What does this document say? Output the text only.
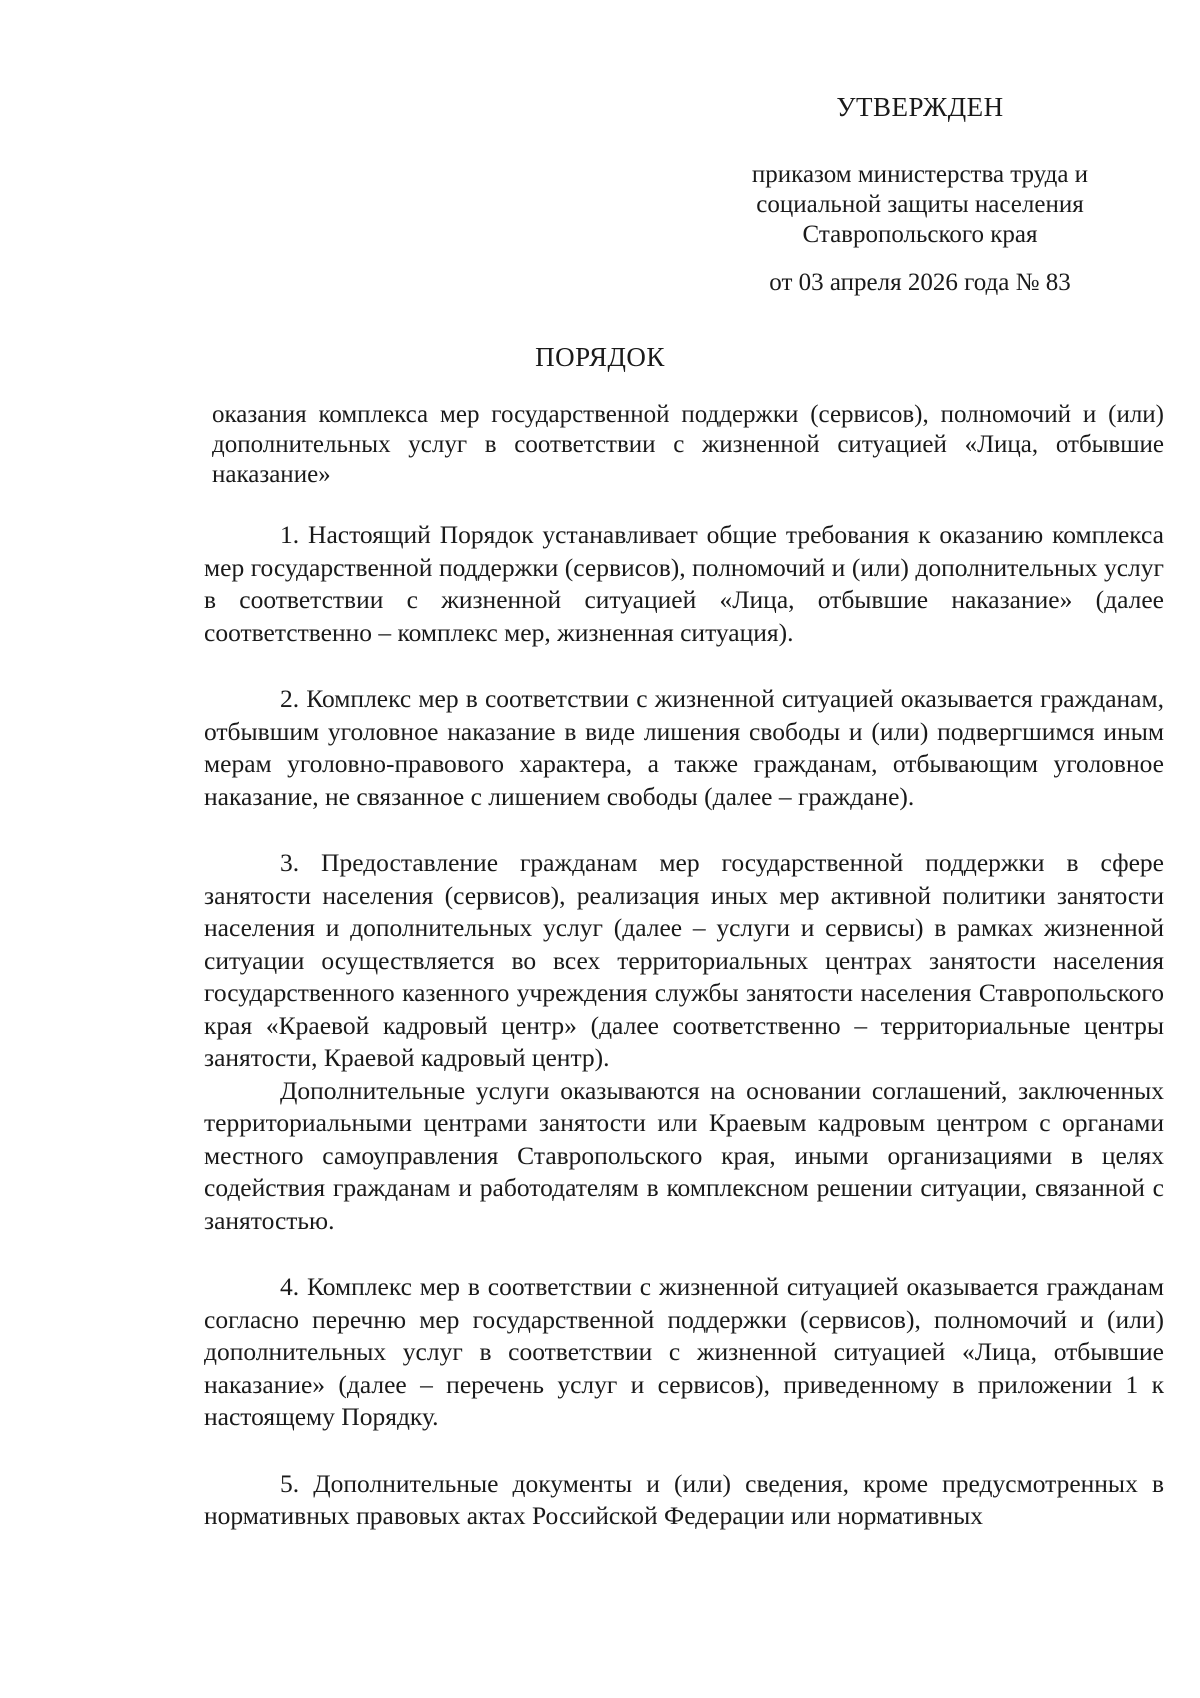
УТВЕРЖДЕН
приказом министерства труда и
социальной защиты населения
Ставропольского края
от 03 апреля 2026 года № 83
ПОРЯДОК
оказания комплекса мер государственной поддержки (сервисов), полномочий и (или) дополнительных услуг в соответствии с жизненной ситуацией «Лица, отбывшие наказание»

1. Настоящий Порядок устанавливает общие требования к оказанию комплекса мер государственной поддержки (сервисов), полномочий и (или) дополнительных услуг в соответствии с жизненной ситуацией «Лица, отбывшие наказание» (далее соответственно – комплекс мер, жизненная ситуация).

2. Комплекс мер в соответствии с жизненной ситуацией оказывается гражданам, отбывшим уголовное наказание в виде лишения свободы и (или) подвергшимся иным мерам уголовно-правового характера, а также гражданам, отбывающим уголовное наказание, не связанное с лишением свободы (далее – граждане).

3. Предоставление гражданам мер государственной поддержки в сфере занятости населения (сервисов), реализация иных мер активной политики занятости населения и дополнительных услуг (далее – услуги и сервисы) в рамках жизненной ситуации осуществляется во всех территориальных центрах занятости населения государственного казенного учреждения службы занятости населения Ставропольского края «Краевой кадровый центр» (далее соответственно – территориальные центры занятости, Краевой кадровый центр).

Дополнительные услуги оказываются на основании соглашений, заключенных территориальными центрами занятости или Краевым кадровым центром с органами местного самоуправления Ставропольского края, иными организациями в целях содействия гражданам и работодателям в комплексном решении ситуации, связанной с занятостью.

4. Комплекс мер в соответствии с жизненной ситуацией оказывается гражданам согласно перечню мер государственной поддержки (сервисов), полномочий и (или) дополнительных услуг в соответствии с жизненной ситуацией «Лица, отбывшие наказание» (далее – перечень услуг и сервисов), приведенному в приложении 1 к настоящему Порядку.

5. Дополнительные документы и (или) сведения, кроме предусмотренных в нормативных правовых актах Российской Федерации или нормативных
